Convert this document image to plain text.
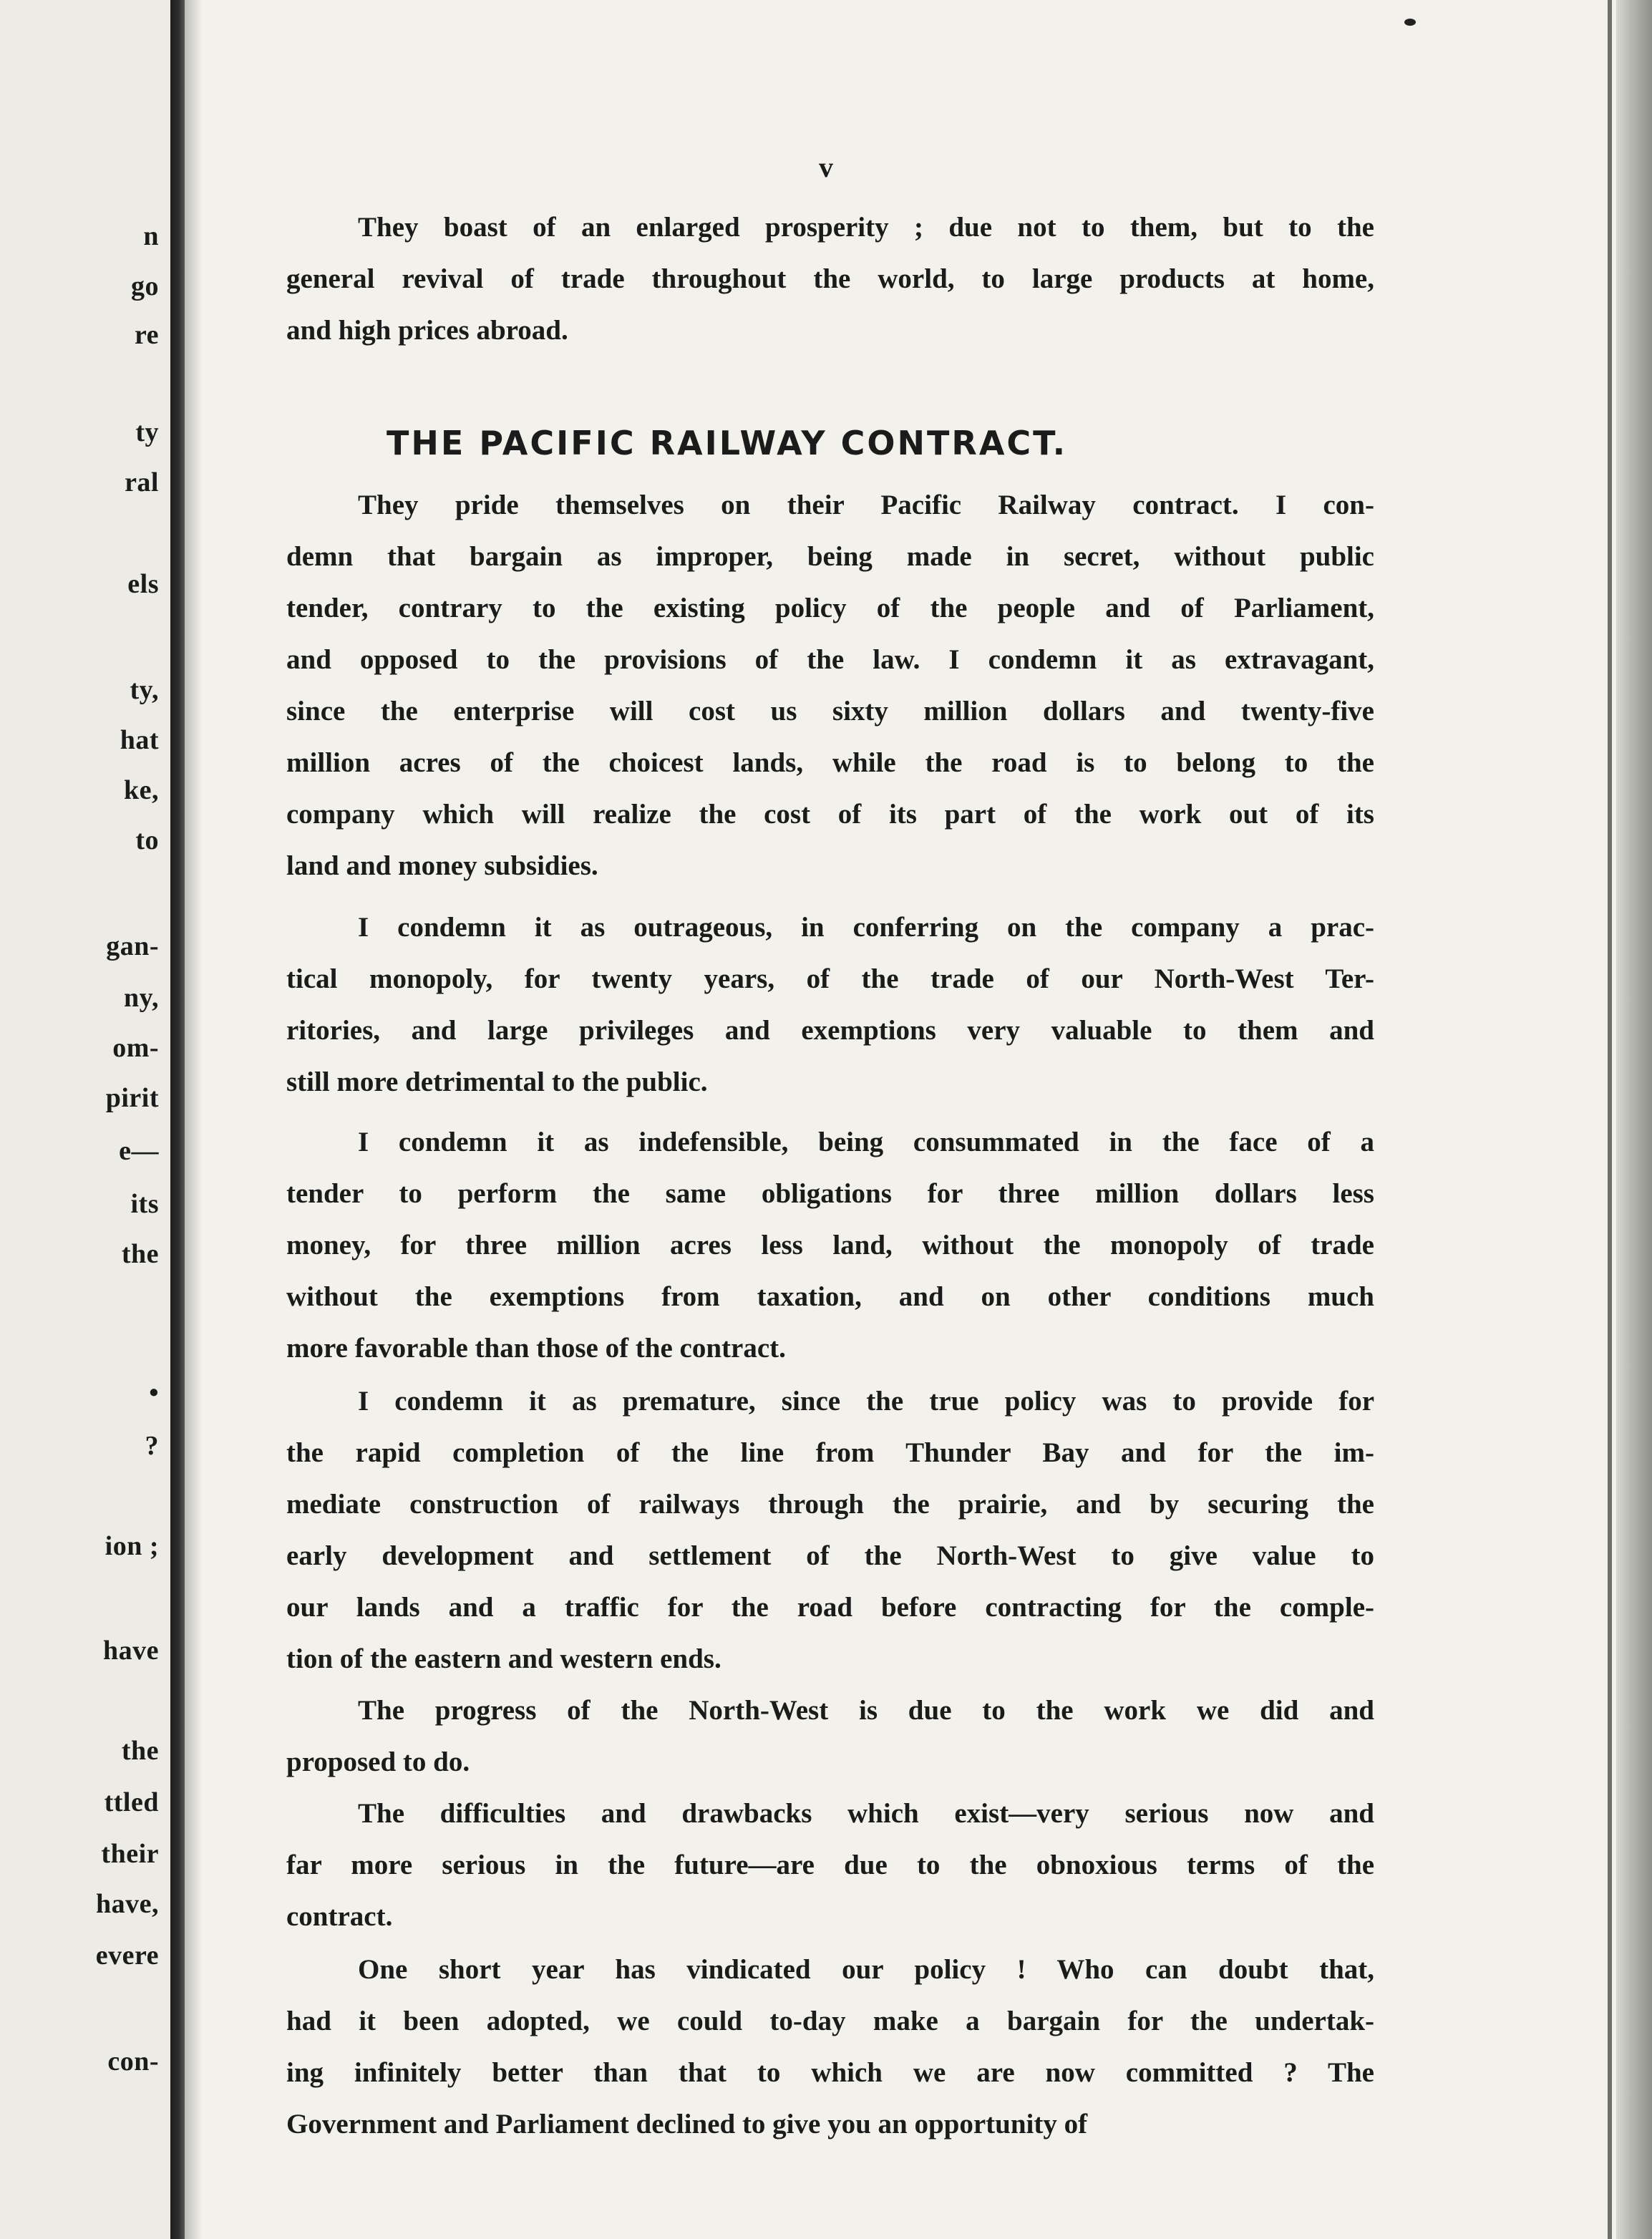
n
go
re
ty
ral
els
ty,
hat
ke,
to
gan-
ny,
om-
pirit
e—
its
the
•
?
ion ;
have
the
ttled
their
have,
evere
con-
v
THE PACIFIC RAILWAY CONTRACT.
They boast of an enlarged prosperity ; due not to them, but to the
general revival of trade throughout the world, to large products at home,
and high prices abroad.
They pride themselves on their Pacific Railway contract. I con-
demn that bargain as improper, being made in secret, without public
tender, contrary to the existing policy of the people and of Parliament,
and opposed to the provisions of the law. I condemn it as extravagant,
since the enterprise will cost us sixty million dollars and twenty-five
million acres of the choicest lands, while the road is to belong to the
company which will realize the cost of its part of the work out of its
land and money subsidies.
I condemn it as outrageous, in conferring on the company a prac-
tical monopoly, for twenty years, of the trade of our North-West Ter-
ritories, and large privileges and exemptions very valuable to them and
still more detrimental to the public.
I condemn it as indefensible, being consummated in the face of a
tender to perform the same obligations for three million dollars less
money, for three million acres less land, without the monopoly of trade
without the exemptions from taxation, and on other conditions much
more favorable than those of the contract.
I condemn it as premature, since the true policy was to provide for
the rapid completion of the line from Thunder Bay and for the im-
mediate construction of railways through the prairie, and by securing the
early development and settlement of the North-West to give value to
our lands and a traffic for the road before contracting for the comple-
tion of the eastern and western ends.
The progress of the North-West is due to the work we did and
proposed to do.
The difficulties and drawbacks which exist—very serious now and
far more serious in the future—are due to the obnoxious terms of the
contract.
One short year has vindicated our policy ! Who can doubt that,
had it been adopted, we could to-day make a bargain for the undertak-
ing infinitely better than that to which we are now committed ? The
Government and Parliament declined to give you an opportunity of
